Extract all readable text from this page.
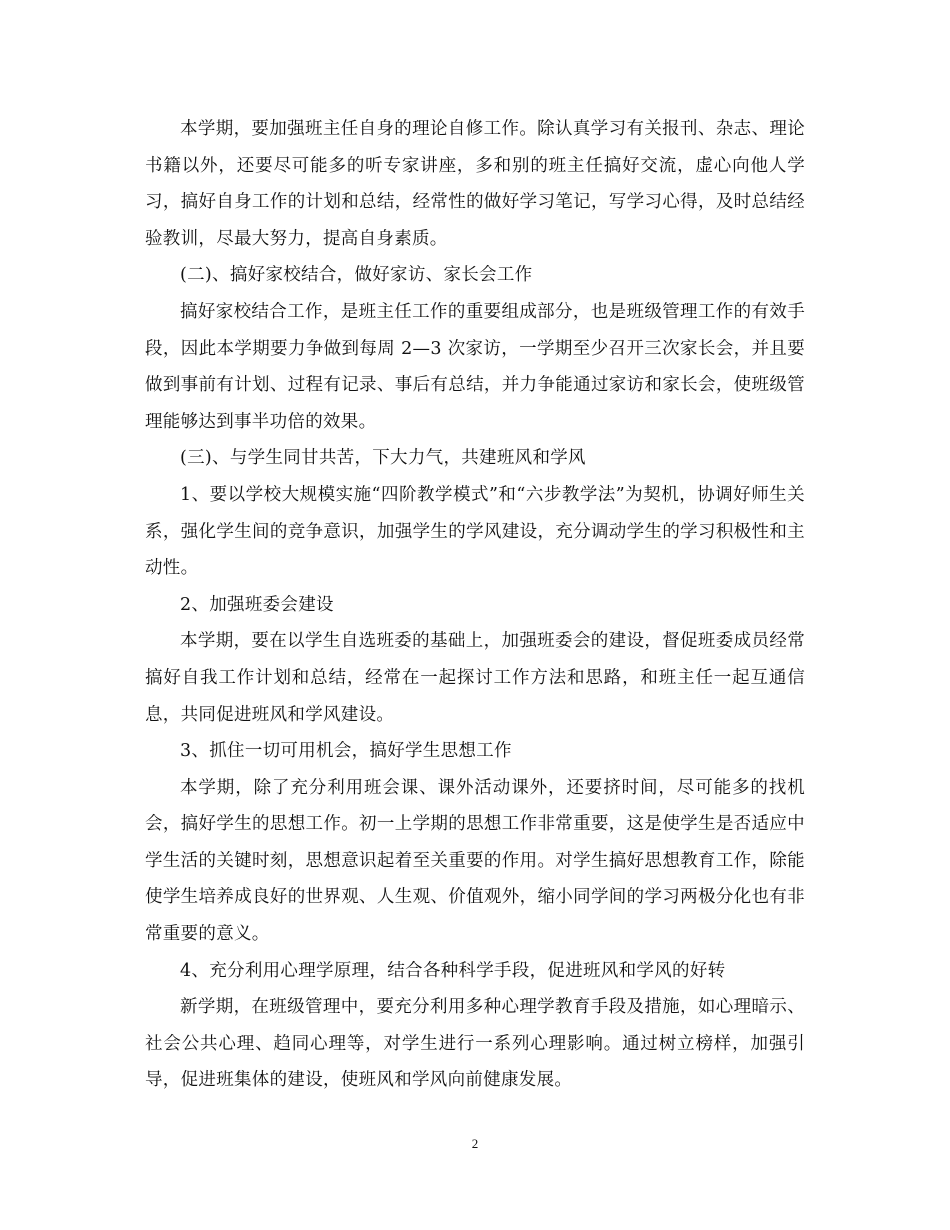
本学期，要加强班主任自身的理论自修工作。除认真学习有关报刊、杂志、理论书籍以外，还要尽可能多的听专家讲座，多和别的班主任搞好交流，虚心向他人学习，搞好自身工作的计划和总结，经常性的做好学习笔记，写学习心得，及时总结经验教训，尽最大努力，提高自身素质。

(二)、搞好家校结合，做好家访、家长会工作

搞好家校结合工作，是班主任工作的重要组成部分，也是班级管理工作的有效手段，因此本学期要力争做到每周 2—3 次家访，一学期至少召开三次家长会，并且要做到事前有计划、过程有记录、事后有总结，并力争能通过家访和家长会，使班级管理能够达到事半功倍的效果。

(三)、与学生同甘共苦，下大力气，共建班风和学风

1、要以学校大规模实施“四阶教学模式”和“六步教学法”为契机，协调好师生关系，强化学生间的竞争意识，加强学生的学风建设，充分调动学生的学习积极性和主动性。

2、加强班委会建设

本学期，要在以学生自选班委的基础上，加强班委会的建设，督促班委成员经常搞好自我工作计划和总结，经常在一起探讨工作方法和思路，和班主任一起互通信息，共同促进班风和学风建设。

3、抓住一切可用机会，搞好学生思想工作

本学期，除了充分利用班会课、课外活动课外，还要挤时间，尽可能多的找机会，搞好学生的思想工作。初一上学期的思想工作非常重要，这是使学生是否适应中学生活的关键时刻，思想意识起着至关重要的作用。对学生搞好思想教育工作，除能使学生培养成良好的世界观、人生观、价值观外，缩小同学间的学习两极分化也有非常重要的意义。

4、充分利用心理学原理，结合各种科学手段，促进班风和学风的好转

新学期，在班级管理中，要充分利用多种心理学教育手段及措施，如心理暗示、社会公共心理、趋同心理等，对学生进行一系列心理影响。通过树立榜样，加强引导，促进班集体的建设，使班风和学风向前健康发展。

2
